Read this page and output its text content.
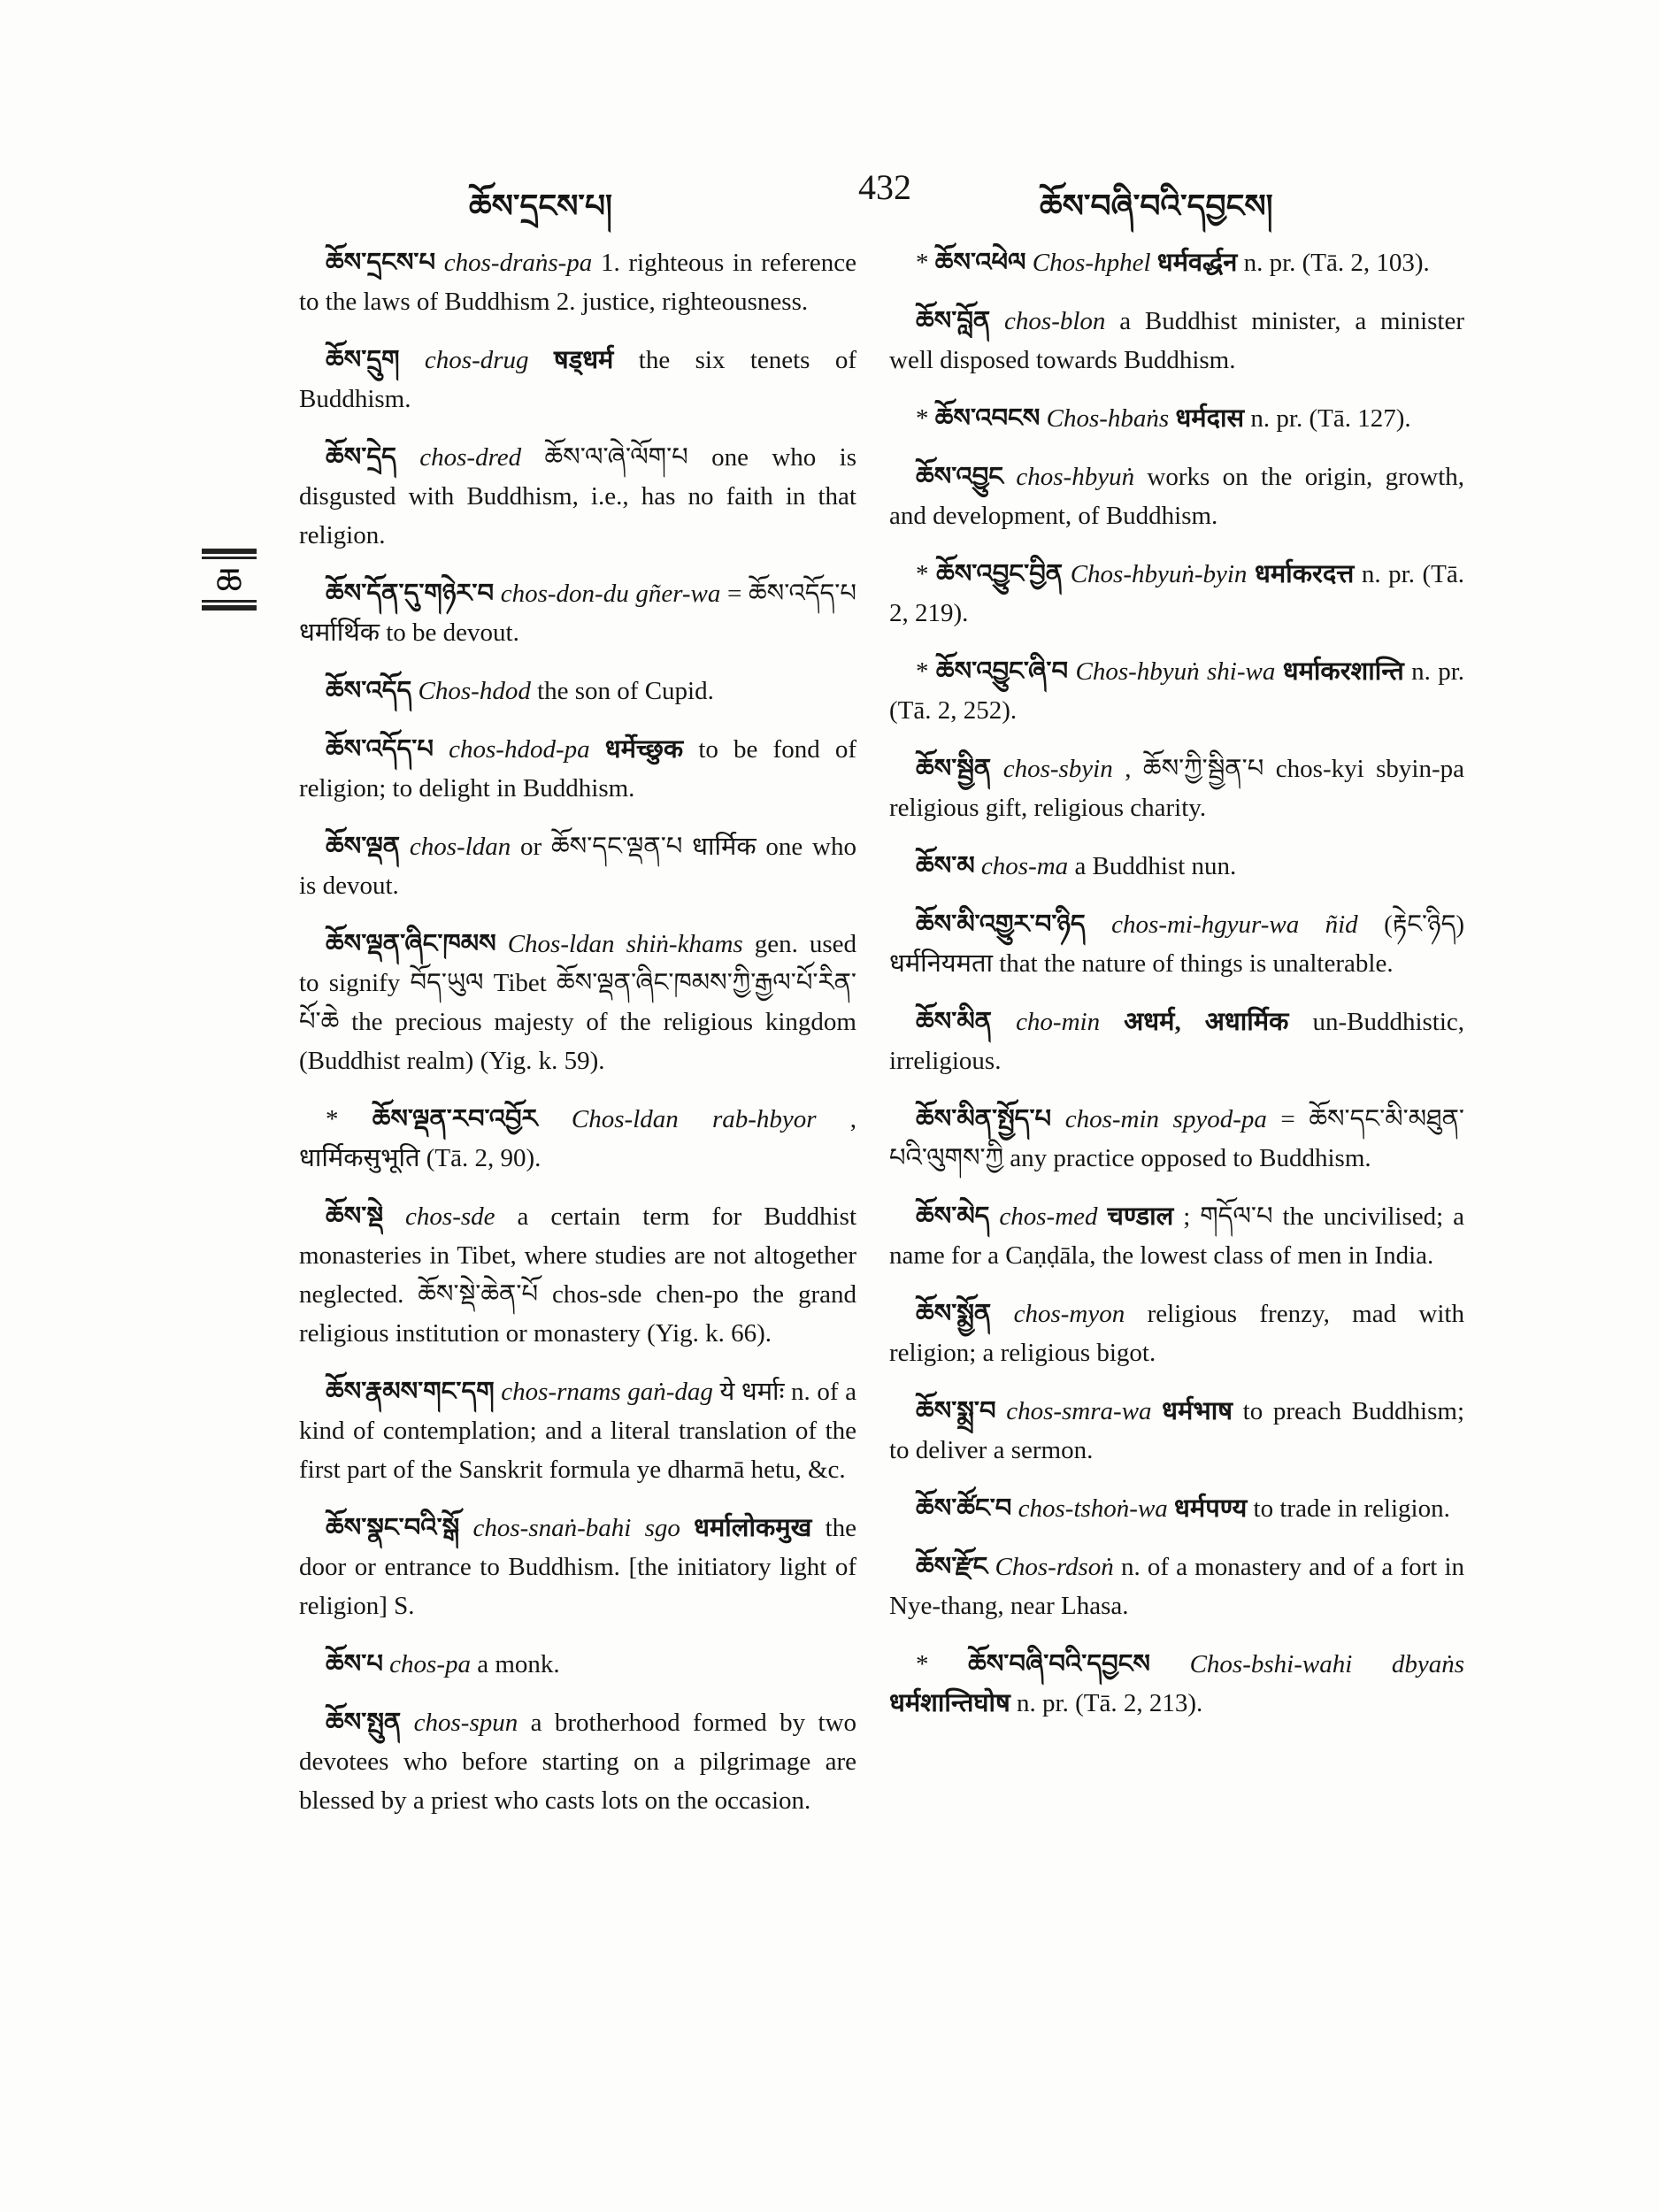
ཆོས་དྲངས་པ།	432	ཆོས་བཞི་བའི་དབྱངས།
ཆ

ཆོས་དྲངས་པ chos-draṅs-pa 1. righteous in reference to the laws of Buddhism 2. justice, righteousness.

ཆོས་དྲུག chos-drug षड्धर्म the six tenets of Buddhism.

ཆོས་དྲེད chos-dred ཆོས་ལ་ཞེ་ལོག་པ one who is disgusted with Buddhism, i.e., has no faith in that religion.

ཆོས་དོན་དུ་གཉེར་བ chos-don-du gñer-wa = ཆོས་འདོད་པ धर्मार्थिक to be devout.

ཆོས་འདོད Chos-hdod the son of Cupid.

ཆོས་འདོད་པ chos-hdod-pa धर्मेच्छुक to be fond of religion; to delight in Buddhism.

ཆོས་ལྡན chos-ldan or ཆོས་དང་ལྡན་པ धार्मिक one who is devout.

ཆོས་ལྡན་ཞིང་ཁམས Chos-ldan shiṅ-khams gen. used to signify བོད་ཡུལ Tibet ཆོས་ལྡན་ཞིང་ཁམས་ཀྱི་རྒྱལ་པོ་རིན་པོ་ཆེ the precious majesty of the religious kingdom (Buddhist realm) (Yig. k. 59).

* ཆོས་ལྡན་རབ་འབྱོར Chos-ldan rab-hbyor , धार्मिकसुभूति (Tā. 2, 90).

ཆོས་སྡེ chos-sde a certain term for Buddhist monasteries in Tibet, where studies are not altogether neglected. ཆོས་སྡེ་ཆེན་པོ chos-sde chen-po the grand religious institution or monastery (Yig. k. 66).

ཆོས་རྣམས་གང་དག chos-rnams gaṅ-dag ये धर्माः n. of a kind of contemplation; and a literal translation of the first part of the Sanskrit formula ye dharmā hetu, &c.

ཆོས་སྣང་བའི་སྒོ chos-snaṅ-bahi sgo धर्मालोकमुख the door or entrance to Buddhism. [the initiatory light of religion] S.

ཆོས་པ chos-pa a monk.

ཆོས་སྤུན chos-spun a brotherhood formed by two devotees who before starting on a pilgrimage are blessed by a priest who casts lots on the occasion.

* ཆོས་འཕེལ Chos-hphel धर्मवर्द्धन n. pr. (Tā. 2, 103).

ཆོས་བློན chos-blon a Buddhist minister, a minister well disposed towards Buddhism.

* ཆོས་འབངས Chos-hbaṅs धर्मदास n. pr. (Tā. 127).

ཆོས་འབྱུང chos-hbyuṅ works on the origin, growth, and development, of Buddhism.

* ཆོས་འབྱུང་བྱིན Chos-hbyuṅ-byin धर्माकरदत्त n. pr. (Tā. 2, 219).

* ཆོས་འབྱུང་ཞི་བ Chos-hbyuṅ shi-wa धर्माकरशान्ति n. pr. (Tā. 2, 252).

ཆོས་སྦྱིན chos-sbyin , ཆོས་ཀྱི་སྦྱིན་པ chos-kyi sbyin-pa religious gift, religious charity.

ཆོས་མ chos-ma a Buddhist nun.

ཆོས་མི་འགྱུར་བ་ཉིད chos-mi-hgyur-wa ñid (རྟེང་ཉིད) धर्मनियमता that the nature of things is unalterable.

ཆོས་མིན cho-min अधर्म, अधार्मिक un-Buddhistic, irreligious.

ཆོས་མིན་སྤྱོད་པ chos-min spyod-pa = ཆོས་དང་མི་མཐུན་པའི་ལུགས་ཀྱི any practice opposed to Buddhism.

ཆོས་མེད chos-med चण्डाल ; གདོལ་པ the uncivilised; a name for a Caṇḍāla, the lowest class of men in India.

ཆོས་སྨྱོན chos-myon religious frenzy, mad with religion; a religious bigot.

ཆོས་སྨྲ་བ chos-smra-wa धर्मभाष to preach Buddhism; to deliver a sermon.

ཆོས་ཚོང་བ chos-tshoṅ-wa धर्मपण्य to trade in religion.

ཆོས་རྫོང Chos-rdsoṅ n. of a monastery and of a fort in Nye-thang, near Lhasa.

* ཆོས་བཞི་བའི་དབྱངས Chos-bshi-wahi dbyaṅs धर्मशान्तिघोष n. pr. (Tā. 2, 213).
